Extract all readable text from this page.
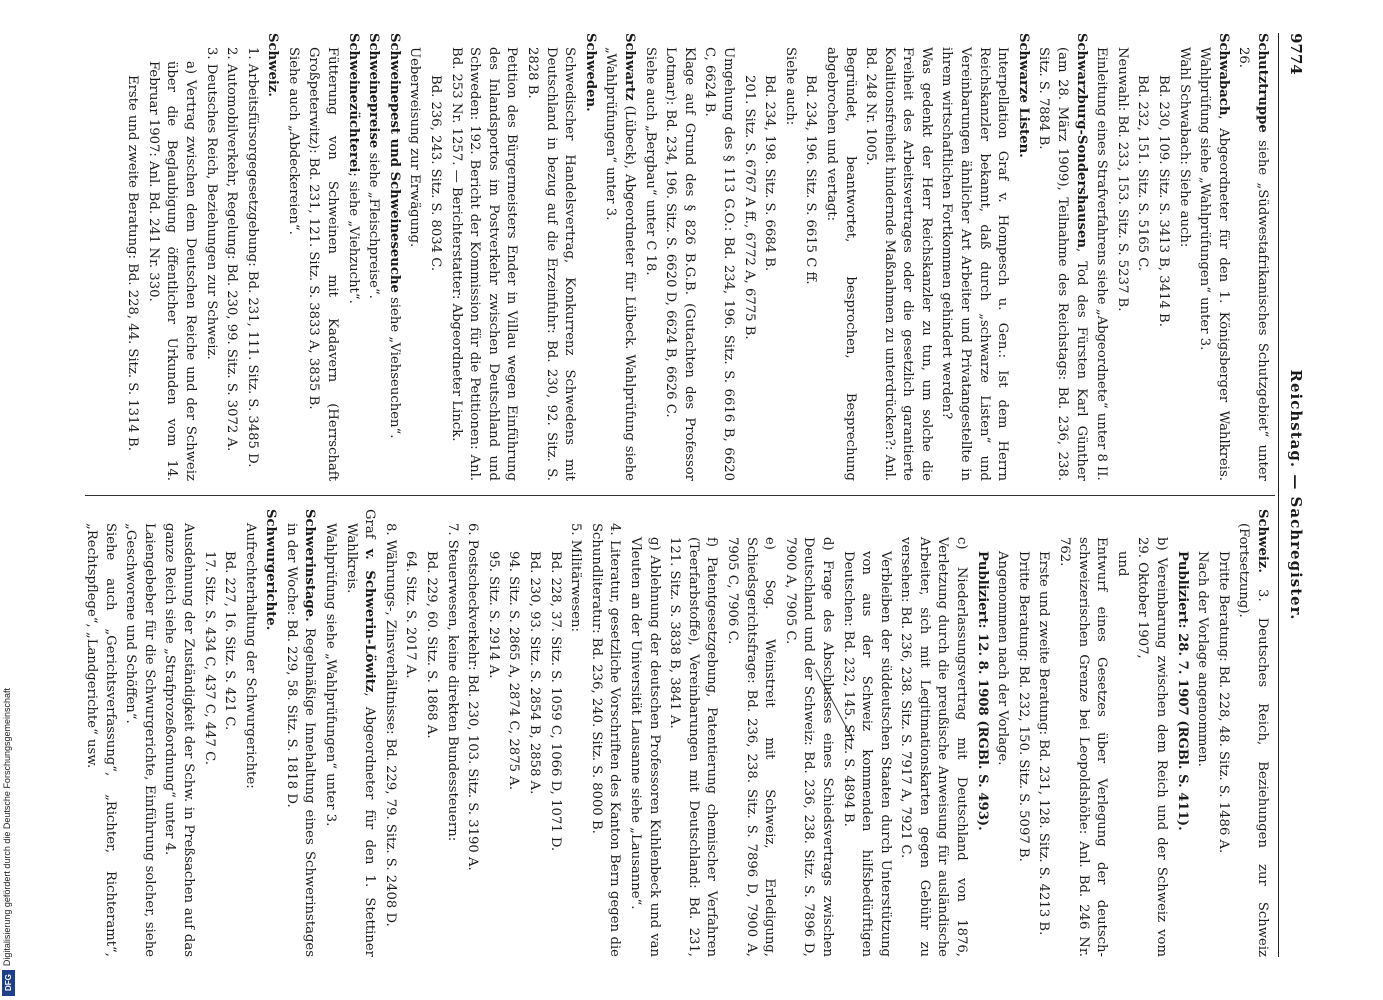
9774
Reichstag. — Sachregister.

Schutztruppe siehe „Südwestafrikanisches Schutzgebiet“ unter 26.

Schwabach, Abgeordneter für den 1. Königsberger Wahlkreis. Wahlprüfung siehe „Wahlprüfungen“ unter 3.

Wahl Schwabach: Siehe auch:

Bd. 230, 109. Sitz. S. 3413 B, 3414 B.

Bd. 232, 151. Sitz. S. 5165 C.

Neuwahl: Bd. 233, 153. Sitz. S. 5237 B.

Einleitung eines Strafverfahrens siehe „Abgeordnete“ unter 8 II.

Schwarzburg-Sondershausen, Tod des Fürsten Karl Günther (am 28. März 1909), Teilnahme des Reichstags: Bd. 236, 238. Sitz. S. 7884 B.

Schwarze Listen.

Interpellation Graf v. Hompesch u. Gen.: Ist dem Herrn Reichskanzler bekannt, daß durch „schwarze Listen“ und Vereinbarungen ähnlicher Art Arbeiter und Privatangestellte in ihrem wirtschaftlichen Fortkommen gehindert werden?

Was gedenkt der Herr Reichskanzler zu tun, um solche die Freiheit des Arbeitsvertrages oder die gesetzlich garantierte Koalitionsfreiheit hindernde Maßnahmen zu unterdrücken?: Anl. Bd. 248 Nr. 1005.

Begründet, beantwortet, besprochen, Besprechung abgebrochen und vertagt:

Bd. 234, 196. Sitz. S. 6615 C ff.

Siehe auch:

Bd. 234, 198. Sitz. S. 6684 B.

201. Sitz. S. 6767 A ff., 6772 A, 6775 B.

Umgehung des § 113 G.O.: Bd. 234, 196. Sitz. S. 6616 B, 6620 C, 6624 B.

Klage auf Grund des § 826 B.G.B. (Gutachten des Professor Lotmar): Bd. 234, 196. Sitz. S. 6620 D, 6624 B, 6626 C.

Siehe auch „Bergbau“ unter C 18.

Schwartz (Lübeck), Abgeordneter für Lübeck. Wahlprüfung siehe „Wahlprüfungen“ unter 3.

Schweden.

Schwedischer Handelsvertrag, Konkurrenz Schwedens mit Deutschland in bezug auf die Erzeinfuhr: Bd. 230, 92. Sitz. S. 2828 B.

Petition des Bürgermeisters Ender in Villau wegen Einführung des Inlandsportos im Postverkehr zwischen Deutschland und Schweden: 192. Bericht der Kommission für die Petitionen: Anl. Bd. 253 Nr. 1257. — Berichterstatter: Abgeordneter Linck.

Bd. 236, 243. Sitz. S. 8034 C.

Ueberweisung zur Erwägung.

Schweinepest und Schweineseuche siehe „Viehseuchen“.

Schweinepreise siehe „Fleischpreise“.

Schweinezüchterei; siehe „Viehzucht“.

Fütterung von Schweinen mit Kadavern (Herrschaft Großpeterwitz): Bd. 231, 121. Sitz. S. 3833 A, 3835 B.

Siehe auch „Abdeckereien“.

Schweiz.

1. Arbeitsfürsorgegesetzgebung: Bd. 231, 111. Sitz. S. 3485 D.

2. Automobilverkehr, Regelung: Bd. 230, 99. Sitz. S. 3072 A.

3. Deutsches Reich, Beziehungen zur Schweiz.

a) Vertrag zwischen dem Deutschen Reiche und der Schweiz über die Beglaubigung öffentlicher Urkunden vom 14. Februar 1907: Anl. Bd. 241 Nr. 330.

Erste und zweite Beratung: Bd. 228, 44. Sitz. S. 1314 B.

Schweiz. 3. Deutsches Reich, Beziehungen zur Schweiz (Fortsetzung).

Dritte Beratung: Bd. 228, 48. Sitz. S. 1486 A.

Nach der Vorlage angenommen.

Publiziert: 28. 7. 1907 (RGBl. S. 411).

b) Vereinbarung zwischen dem Reich und der Schweiz vom 29. Oktober 1907,

und

Entwurf eines Gesetzes über Verlegung der deutsch-schweizerischen Grenze bei Leopoldshöhe: Anl. Bd. 246 Nr. 762.

Erste und zweite Beratung: Bd. 231, 128. Sitz. S. 4213 B.

Dritte Beratung: Bd. 232, 150. Sitz. S. 5097 B.

Angenommen nach der Vorlage.

Publiziert: 12. 8. 1908 (RGBl. S. 493).

c) Niederlassungsvertrag mit Deutschland von 1876, Verletzung durch die preußische Anweisung für ausländische Arbeiter, sich mit Legitimationskarten gegen Gebühr zu versehen: Bd. 236, 238. Sitz. S. 7917 A, 7921 C.

Verbleiben der süddeutschen Staaten durch Unterstützung von aus der Schweiz kommenden hilfsbedürftigen Deutschen: Bd. 232, 145. Sitz. S. 4894 B.

d) Frage des Abschlusses eines Schiedsvertrags zwischen Deutschland und der Schweiz: Bd. 236, 238. Sitz. S. 7896 D, 7900 A, 7905 C.

e) Sog. Weinstreit mit Schweiz, Erledigung, Schiedsgerichtsfrage: Bd. 236, 238. Sitz. S. 7896 D, 7900 A, 7905 C, 7906 C.

f) Patentgesetzgebung, Patentierung chemischer Verfahren (Teerfarbstoffe), Vereinbarungen mit Deutschland: Bd. 231, 121. Sitz. S. 3838 B, 3841 A.

g) Ablehnung der deutschen Professoren Kuhlenbeck und van Vleuten an der Universität Lausanne siehe „Lausanne“.

4. Literatur, gesetzliche Vorschriften des Kanton Bern gegen die Schundliteratur: Bd. 236, 240. Sitz. S. 8000 B.

5. Militärwesen:

Bd. 228, 37. Sitz. S. 1059 C, 1066 D, 1071 D.

Bd. 230, 93. Sitz. S. 2854 B, 2858 A.

94. Sitz. S. 2865 A, 2874 C, 2875 A.

95. Sitz. S. 2914 A.

6. Postscheckverkehr: Bd. 230, 103. Sitz. S. 3190 A.

7. Steuerwesen, keine direkten Bundessteuern:

Bd. 229, 60. Sitz. S. 1868 A.

64. Sitz. S. 2017 A.

8. Währungs-, Zinsverhältnisse: Bd. 229, 79. Sitz. S. 2408 D.

Graf v. Schwerin-Löwitz, Abgeordneter für den 1. Stettiner Wahlkreis.

Wahlprüfung siehe „Wahlprüfungen“ unter 3.

Schwerinstage. Regelmäßige Innehaltung eines Schwerinstages in der Woche: Bd. 229, 58. Sitz. S. 1818 D.

Schwurgerichte.

Aufrechterhaltung der Schwurgerichte:

Bd. 227, 16. Sitz. S. 421 C.

17. Sitz. S. 434 C, 437 C, 447 C.

Ausdehnung der Zuständigkeit der Schw. in Preßsachen auf das ganze Reich siehe „Strafprozeßordnung“ unter 4.

Laiengebeber für die Schwurgerichte, Einführung solcher, siehe „Geschworene und Schöffen“.

Siehe auch „Gerichtsverfassung“, „Richter, Richteramt“, „Rechtspflege“, „Landgerichte“ usw.

Digitalisierung gefördert durch die Deutsche Forschungsgemeinschaft
DFG
